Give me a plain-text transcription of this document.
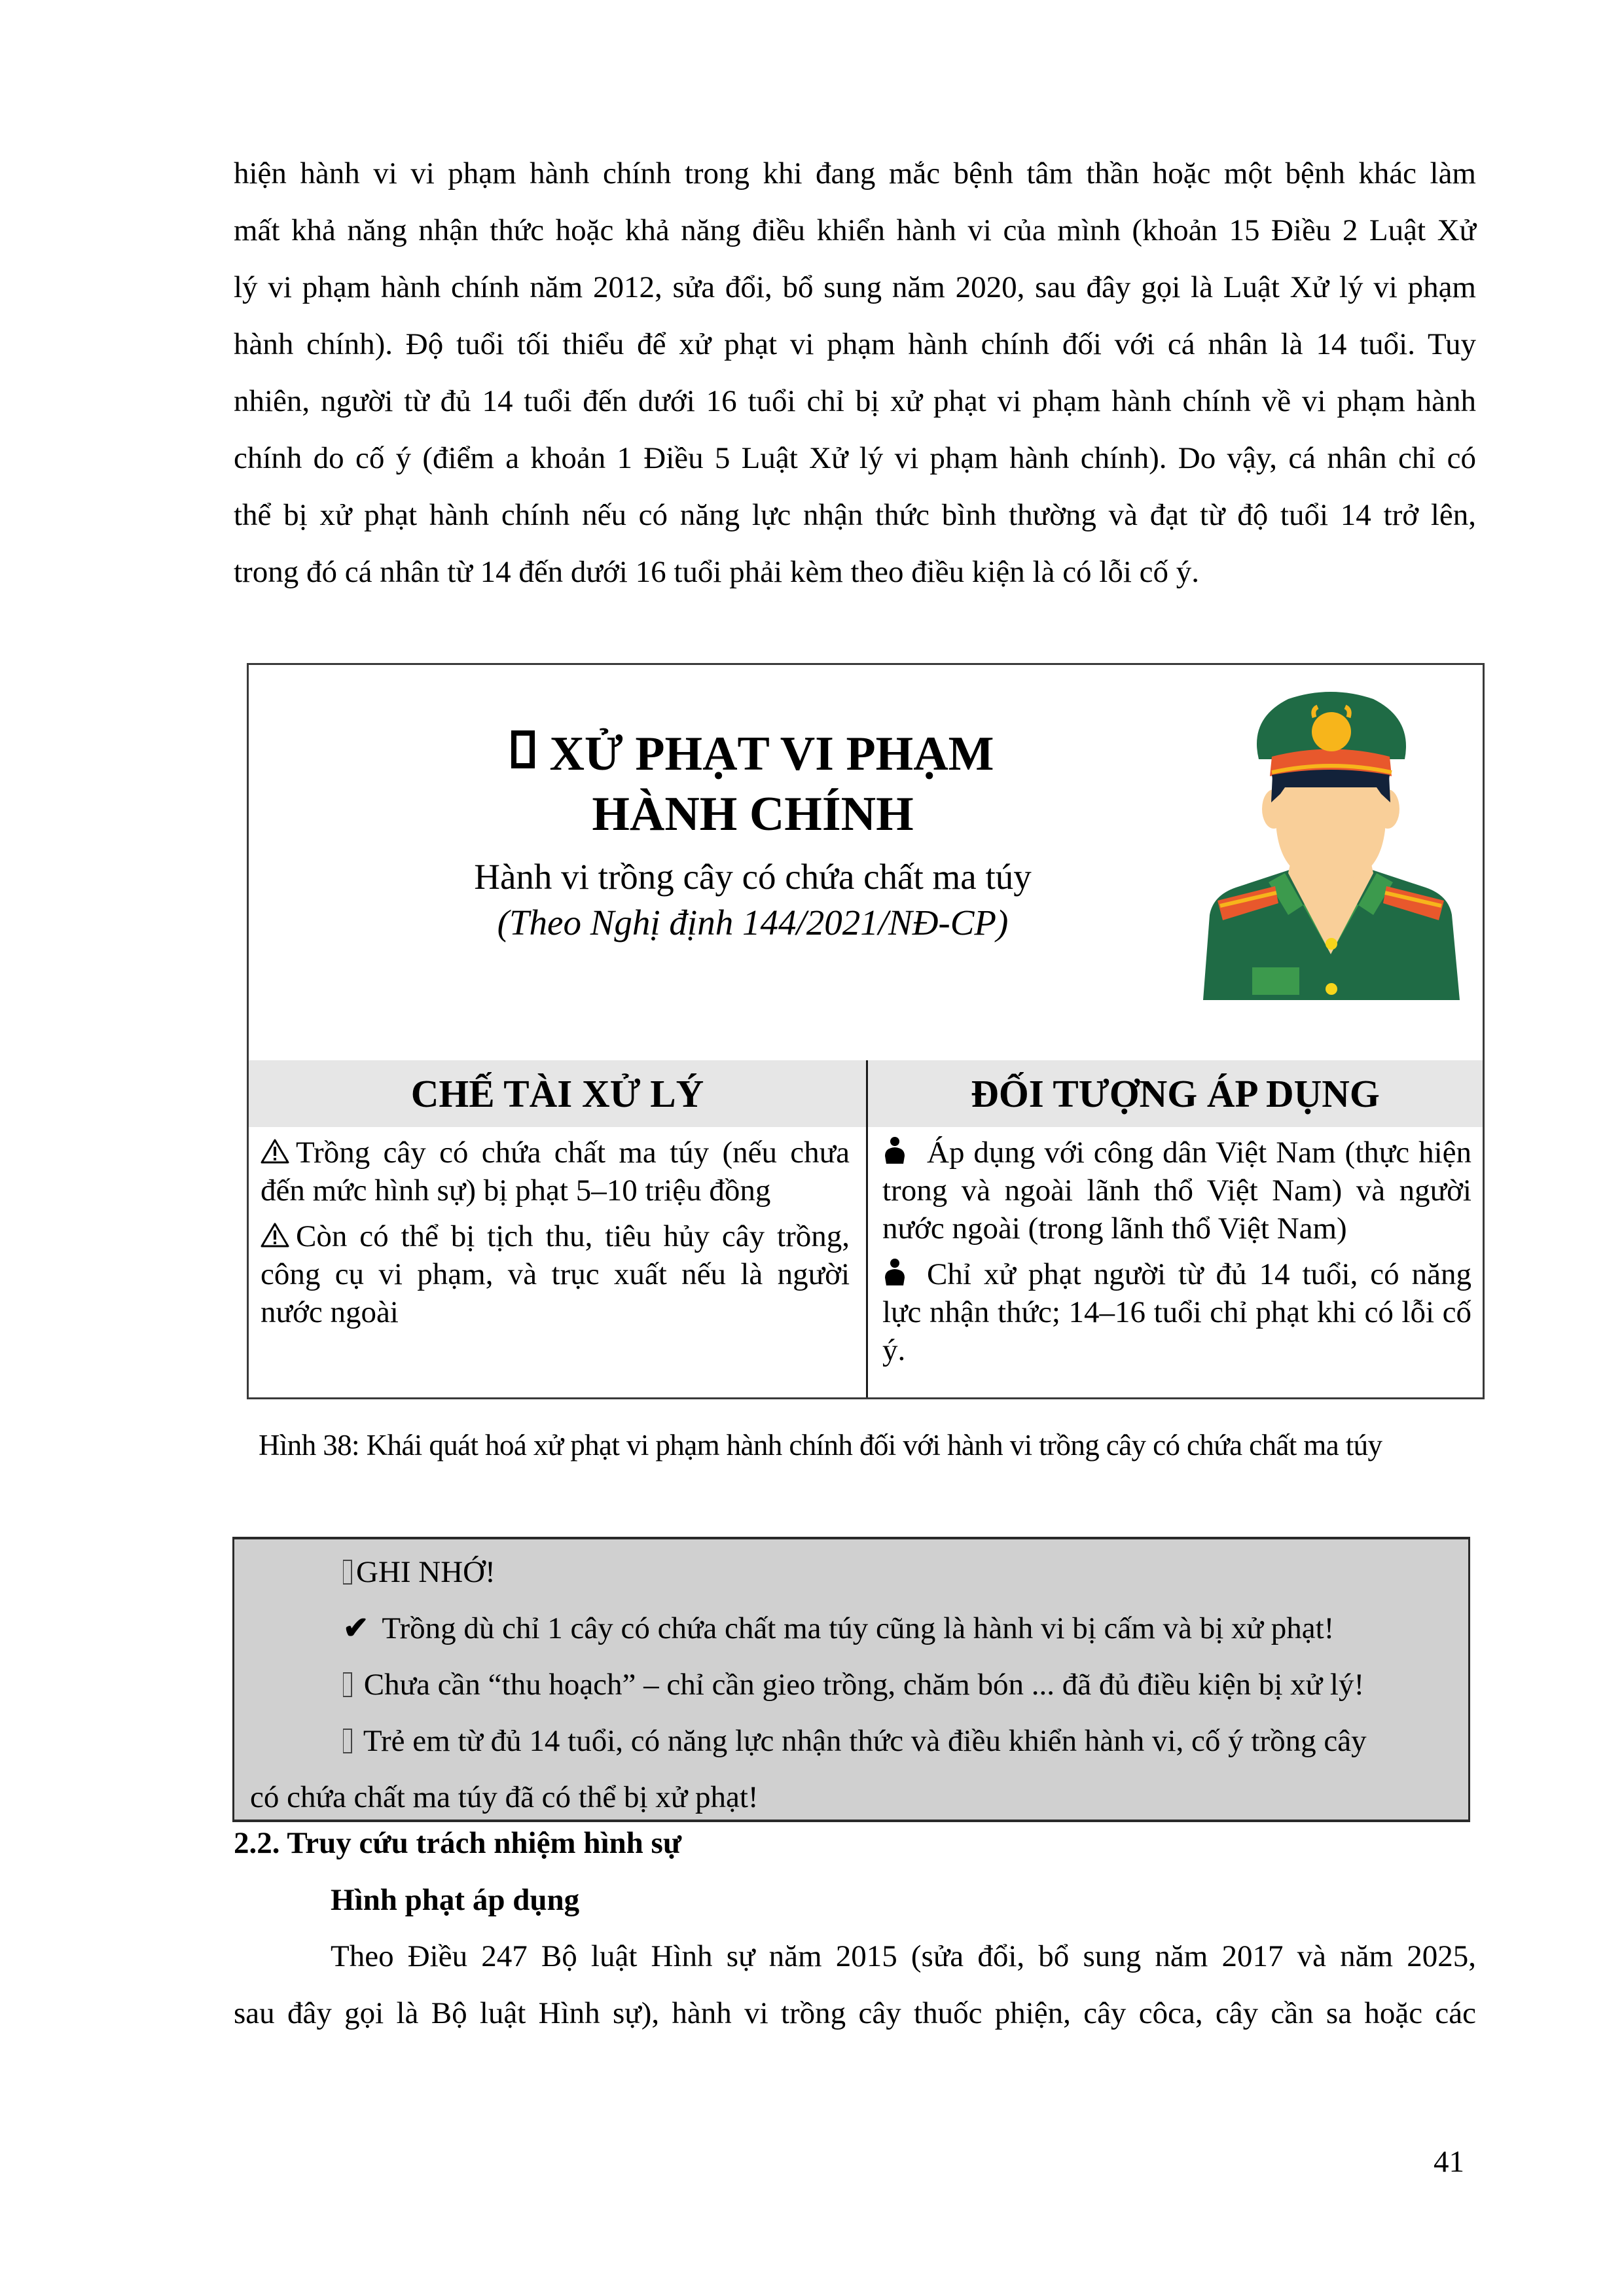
hiện hành vi vi phạm hành chính trong khi đang mắc bệnh tâm thần hoặc một bệnh khác làm
mất khả năng nhận thức hoặc khả năng điều khiển hành vi của mình (khoản 15 Điều 2 Luật Xử
lý vi phạm hành chính năm 2012, sửa đổi, bổ sung năm 2020, sau đây gọi là Luật Xử lý vi phạm
hành chính). Độ tuổi tối thiểu để xử phạt vi phạm hành chính đối với cá nhân là 14 tuổi. Tuy
nhiên, người từ đủ 14 tuổi đến dưới 16 tuổi chỉ bị xử phạt vi phạm hành chính về vi phạm hành
chính do cố ý (điểm a khoản 1 Điều 5 Luật Xử lý vi phạm hành chính). Do vậy, cá nhân chỉ có
thể bị xử phạt hành chính nếu có năng lực nhận thức bình thường và đạt từ độ tuổi 14 trở lên,
trong đó cá nhân từ 14 đến dưới 16 tuổi phải kèm theo điều kiện là có lỗi cố ý.
XỬ PHẠT VI PHẠM
HÀNH CHÍNH
Hành vi trồng cây có chứa chất ma túy
(Theo Nghị định 144/2021/NĐ-CP)
CHẾ TÀI XỬ LÝ	ĐỐI TƯỢNG ÁP DỤNG
Trồng cây có chứa chất ma túy (nếu chưa đến mức hình sự) bị phạt 5–10 triệu đồng
Còn có thể bị tịch thu, tiêu hủy cây trồng, công cụ vi phạm, và trục xuất nếu là người nước ngoài
Áp dụng với công dân Việt Nam (thực hiện trong và ngoài lãnh thổ Việt Nam) và người nước ngoài (trong lãnh thổ Việt Nam)
Chỉ xử phạt người từ đủ 14 tuổi, có năng lực nhận thức; 14–16 tuổi chỉ phạt khi có lỗi cố ý.
Hình 38: Khái quát hoá xử phạt vi phạm hành chính đối với hành vi trồng cây có chứa chất ma túy
GHI NHỚ!
✔ Trồng dù chỉ 1 cây có chứa chất ma túy cũng là hành vi bị cấm và bị xử phạt!
Chưa cần “thu hoạch” – chỉ cần gieo trồng, chăm bón ... đã đủ điều kiện bị xử lý!
Trẻ em từ đủ 14 tuổi, có năng lực nhận thức và điều khiển hành vi, cố ý trồng cây
có chứa chất ma túy đã có thể bị xử phạt!
2.2. Truy cứu trách nhiệm hình sự
Hình phạt áp dụng
Theo Điều 247 Bộ luật Hình sự năm 2015 (sửa đổi, bổ sung năm 2017 và năm 2025,
sau đây gọi là Bộ luật Hình sự), hành vi trồng cây thuốc phiện, cây côca, cây cần sa hoặc các
41
